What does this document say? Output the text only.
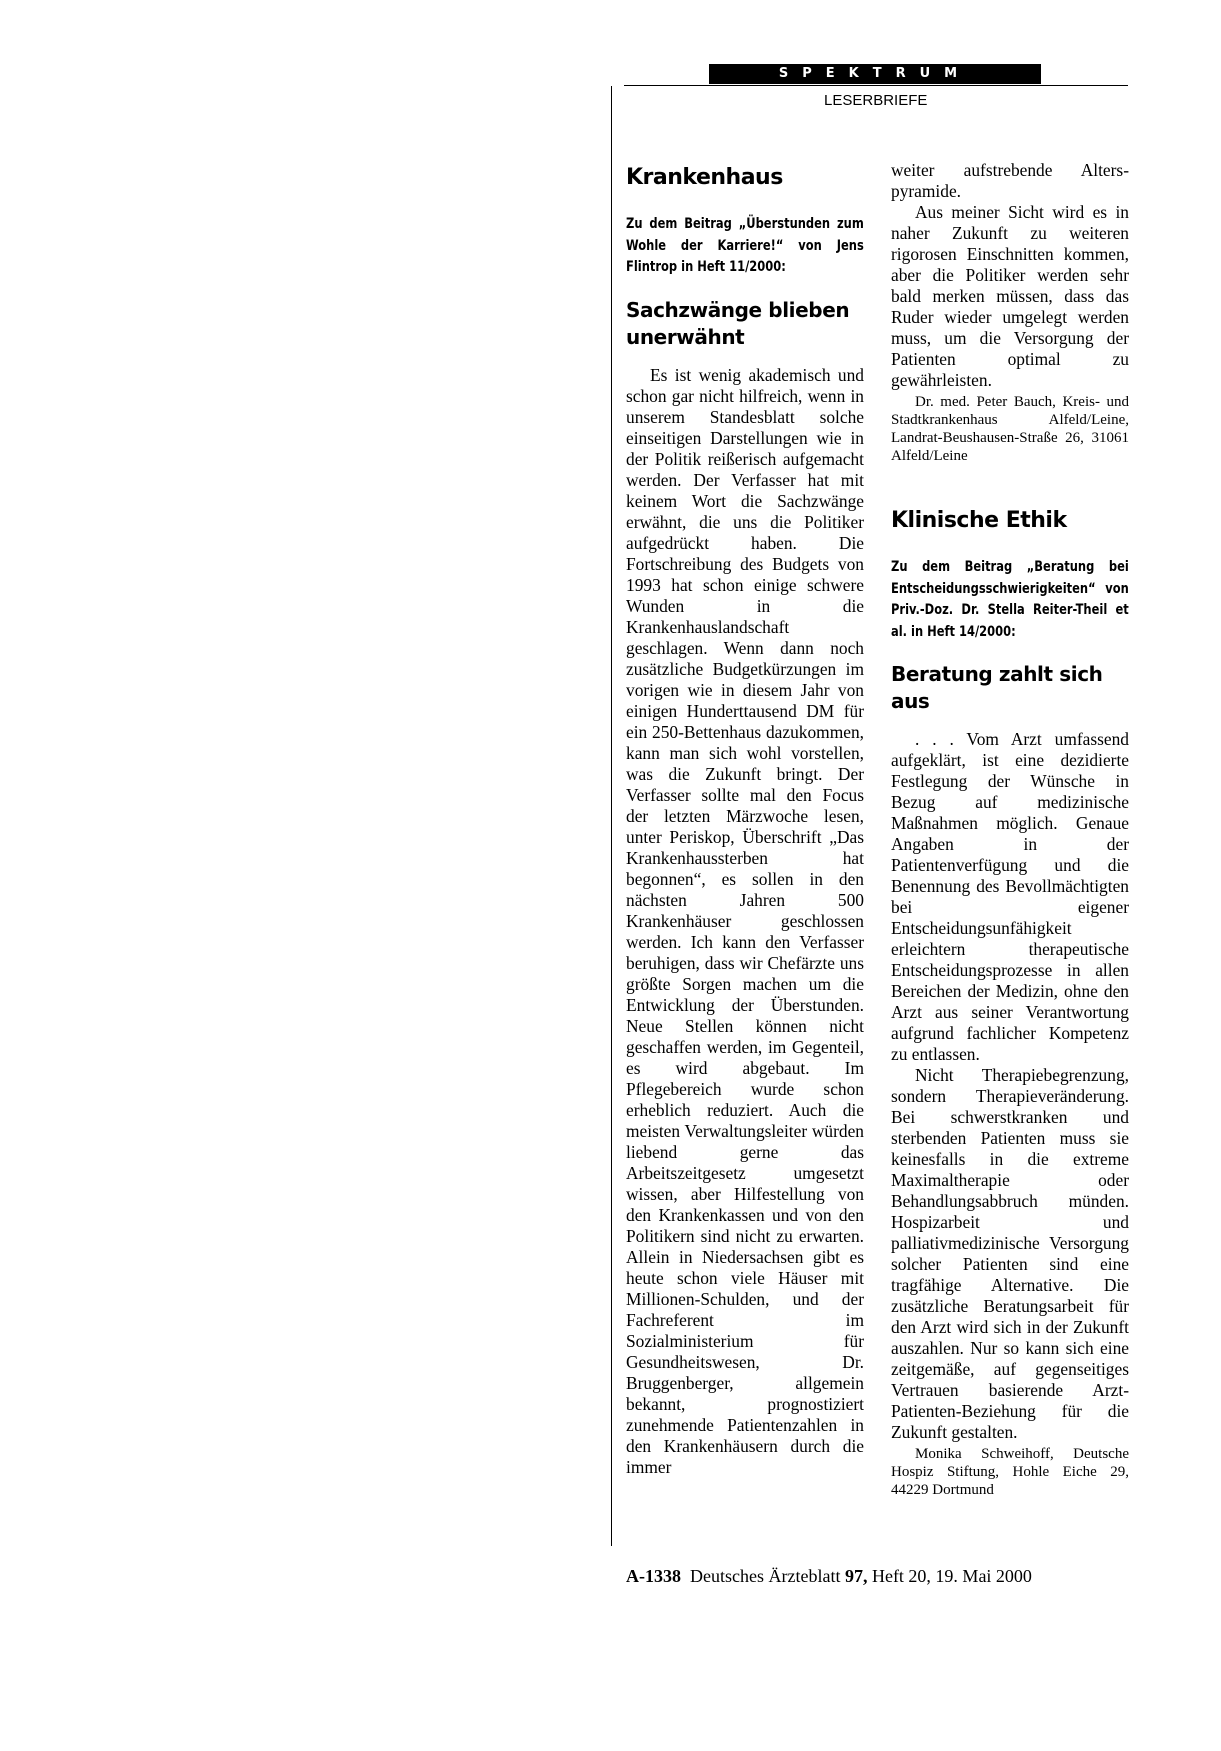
SPEKTRUM
LESERBRIEFE
Krankenhaus
Zu dem Beitrag „Überstunden zum Wohle der Karriere!“ von Jens Flintrop in Heft 11/2000:
Sachzwänge blieben unerwähnt

Es ist wenig akademisch und schon gar nicht hilfreich, wenn in unserem Standesblatt solche einseitigen Darstellungen wie in der Politik reißerisch aufgemacht werden. Der Verfasser hat mit keinem Wort die Sachzwänge erwähnt, die uns die Politiker aufgedrückt haben. Die Fortschreibung des Budgets von 1993 hat schon einige schwere Wunden in die Krankenhauslandschaft geschlagen. Wenn dann noch zusätzliche Budgetkürzungen im vorigen wie in diesem Jahr von einigen Hunderttausend DM für ein 250-Bettenhaus dazukommen, kann man sich wohl vorstellen, was die Zukunft bringt. Der Verfasser sollte mal den Focus der letzten Märzwoche lesen, unter Periskop, Überschrift „Das Krankenhaussterben hat begonnen“, es sollen in den nächsten Jahren 500 Krankenhäuser geschlossen werden. Ich kann den Verfasser beruhigen, dass wir Chefärzte uns größte Sorgen machen um die Entwicklung der Überstunden. Neue Stellen können nicht geschaffen werden, im Gegenteil, es wird abgebaut. Im Pflegebereich wurde schon erheblich reduziert. Auch die meisten Verwaltungsleiter würden liebend gerne das Arbeitszeitgesetz umgesetzt wissen, aber Hilfestellung von den Krankenkassen und von den Politikern sind nicht zu erwarten. Allein in Niedersachsen gibt es heute schon viele Häuser mit Millionen-Schulden, und der Fachreferent im Sozialministerium für Gesundheitswesen, Dr. Bruggenberger, allgemein bekannt, prognostiziert zunehmende Patientenzahlen in den Krankenhäusern durch die immer

weiter aufstrebende Alterspyramide.

Aus meiner Sicht wird es in naher Zukunft zu weiteren rigorosen Einschnitten kommen, aber die Politiker werden sehr bald merken müssen, dass das Ruder wieder umgelegt werden muss, um die Versorgung der Patienten optimal zu gewährleisten.

Dr. med. Peter Bauch, Kreis- und Stadtkrankenhaus Alfeld/Leine, Landrat-Beushausen-Straße 26, 31061 Alfeld/Leine
Klinische Ethik
Zu dem Beitrag „Beratung bei Entscheidungsschwierigkeiten“ von Priv.-Doz. Dr. Stella Reiter-Theil et al. in Heft 14/2000:
Beratung zahlt sich aus

. . . Vom Arzt umfassend aufgeklärt, ist eine dezidierte Festlegung der Wünsche in Bezug auf medizinische Maßnahmen möglich. Genaue Angaben in der Patientenverfügung und die Benennung des Bevollmächtigten bei eigener Entscheidungsunfähigkeit erleichtern therapeutische Entscheidungsprozesse in allen Bereichen der Medizin, ohne den Arzt aus seiner Verantwortung aufgrund fachlicher Kompetenz zu entlassen.

Nicht Therapiebegrenzung, sondern Therapieveränderung. Bei schwerstkranken und sterbenden Patienten muss sie keinesfalls in die extreme Maximaltherapie oder Behandlungsabbruch münden. Hospizarbeit und palliativmedizinische Versorgung solcher Patienten sind eine tragfähige Alternative. Die zusätzliche Beratungsarbeit für den Arzt wird sich in der Zukunft auszahlen. Nur so kann sich eine zeitgemäße, auf gegenseitiges Vertrauen basierende Arzt-Patienten-Beziehung für die Zukunft gestalten.

Monika Schweihoff, Deutsche Hospiz Stiftung, Hohle Eiche 29, 44229 Dortmund
A-1338 Deutsches Ärzteblatt 97, Heft 20, 19. Mai 2000
